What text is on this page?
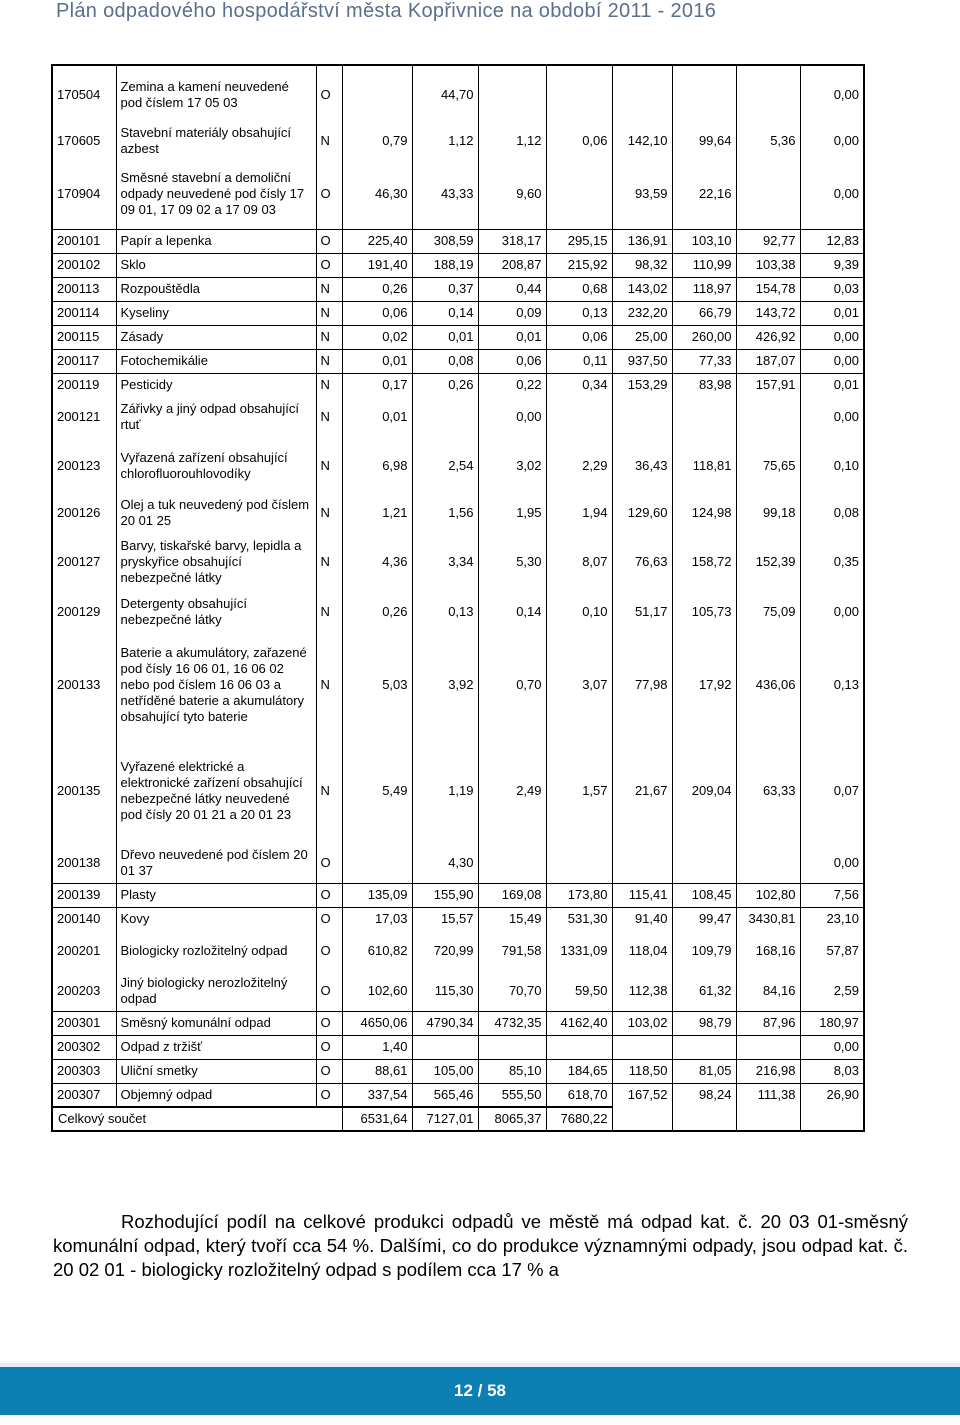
Plán odpadového hospodářství města Kopřivnice na období 2011 - 2016
170504	Zemina a kamení neuvedené pod číslem 17 05 03	O		44,70						0,00
170605	Stavební materiály obsahující azbest	N	0,79	1,12	1,12	0,06	142,10	99,64	5,36	0,00
170904	Směsné stavební a demoliční odpady neuvedené pod čísly 17 09 01, 17 09 02 a 17 09 03	O	46,30	43,33	9,60		93,59	22,16		0,00
200101	Papír a lepenka	O	225,40	308,59	318,17	295,15	136,91	103,10	92,77	12,83
200102	Sklo	O	191,40	188,19	208,87	215,92	98,32	110,99	103,38	9,39
200113	Rozpouštědla	N	0,26	0,37	0,44	0,68	143,02	118,97	154,78	0,03
200114	Kyseliny	N	0,06	0,14	0,09	0,13	232,20	66,79	143,72	0,01
200115	Zásady	N	0,02	0,01	0,01	0,06	25,00	260,00	426,92	0,00
200117	Fotochemikálie	N	0,01	0,08	0,06	0,11	937,50	77,33	187,07	0,00
200119	Pesticidy	N	0,17	0,26	0,22	0,34	153,29	83,98	157,91	0,01
200121	Zářivky a jiný odpad obsahující rtuť	N	0,01		0,00					0,00
200123	Vyřazená zařízení obsahující chlorofluorouhlovodíky	N	6,98	2,54	3,02	2,29	36,43	118,81	75,65	0,10
200126	Olej a tuk neuvedený pod číslem 20 01 25	N	1,21	1,56	1,95	1,94	129,60	124,98	99,18	0,08
200127	Barvy, tiskařské barvy, lepidla a pryskyřice obsahující nebezpečné látky	N	4,36	3,34	5,30	8,07	76,63	158,72	152,39	0,35
200129	Detergenty obsahující nebezpečné látky	N	0,26	0,13	0,14	0,10	51,17	105,73	75,09	0,00
200133	Baterie a akumulátory, zařazené pod čísly 16 06 01, 16 06 02 nebo pod číslem 16 06 03 a netříděné baterie a akumulátory obsahující tyto baterie	N	5,03	3,92	0,70	3,07	77,98	17,92	436,06	0,13
200135	Vyřazené elektrické a elektronické zařízení obsahující nebezpečné látky neuvedené pod čísly 20 01 21 a 20 01 23	N	5,49	1,19	2,49	1,57	21,67	209,04	63,33	0,07
200138	Dřevo neuvedené pod číslem 20 01 37	O		4,30						0,00
200139	Plasty	O	135,09	155,90	169,08	173,80	115,41	108,45	102,80	7,56
200140	Kovy	O	17,03	15,57	15,49	531,30	91,40	99,47	3430,81	23,10
200201	Biologicky rozložitelný odpad	O	610,82	720,99	791,58	1331,09	118,04	109,79	168,16	57,87
200203	Jiný biologicky nerozložitelný odpad	O	102,60	115,30	70,70	59,50	112,38	61,32	84,16	2,59
200301	Směsný komunální odpad	O	4650,06	4790,34	4732,35	4162,40	103,02	98,79	87,96	180,97
200302	Odpad z tržišť	O	1,40							0,00
200303	Uliční smetky	O	88,61	105,00	85,10	184,65	118,50	81,05	216,98	8,03
200307	Objemný odpad	O	337,54	565,46	555,50	618,70	167,52	98,24	111,38	26,90
Celkový součet			6531,64	7127,01	8065,37	7680,22				
Rozhodující podíl na celkové produkci odpadů ve městě má odpad kat. č. 20 03 01-směsný komunální odpad, který tvoří cca 54 %. Dalšími, co do produkce významnými odpady, jsou odpad kat. č. 20 02 01 - biologicky rozložitelný odpad s podílem cca 17 % a
12 / 58
